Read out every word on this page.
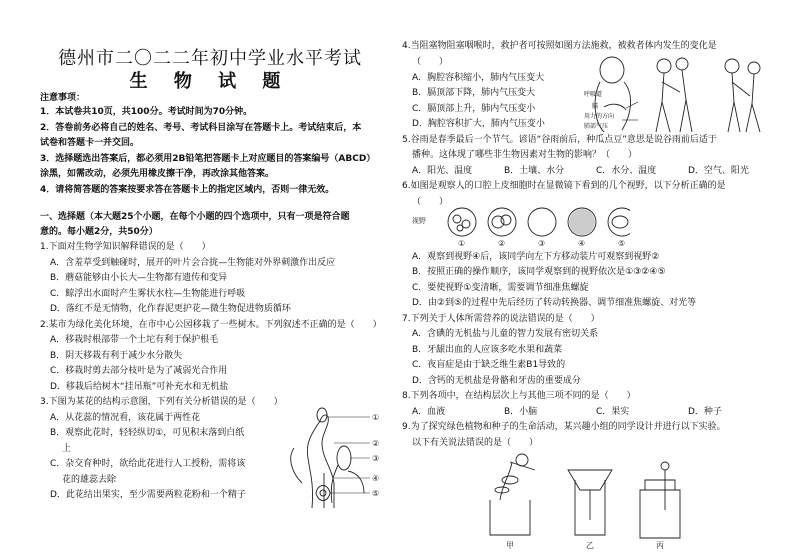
德州市二〇二二年初中学业水平考试
生 物 试 题
注意事项：
1．本试卷共10页，共100分。考试时间为70分钟。
2．答卷前务必将自己的姓名、考号、考试科目涂写在答题卡上。考试结束后，本
试卷和答题卡一并交回。
3．选择题选出答案后，都必须用2B铅笔把答题卡上对应题目的答案编号（ABCD）
涂黑，如需改动，必须先用橡皮擦干净，再改涂其他答案。
4．请将简答题的答案按要求答在答题卡上的指定区域内，否则一律无效。
一、选择题（本大题25个小题，在每个小题的四个选项中，只有一项是符合题
意的。每小题2分，共50分）
1.下面对生物学知识解释错误的是（　　）
A．含羞草受到触碰时，展开的叶片会合拢—生物能对外界刺激作出反应
B．蘑菇能够由小长大—生物都有遗传和变异
C．鲸浮出水面时产生雾状水柱—生物能进行呼吸
D．落红不是无情物，化作春泥更护花—微生物促进物质循环
2.某市为绿化美化环境，在市中心公园移栽了一些树木。下列叙述不正确的是（　　）
A．移栽时根部带一个土坨有利于保护根毛
B．阴天移栽有利于减少水分散失
C．移栽时剪去部分枝叶是为了减弱光合作用
D．移栽后给树木“挂吊瓶”可补充水和无机盐
3.下图为某花的结构示意图，下列有关分析错误的是（　　）
A．从花蕊的情况看，该花属于两性花
B．观察此花时，轻轻纵切①，可见积末落到白纸
上
C．杂交育种时，欲给此花进行人工授粉，需将该
花的雄蕊去除
D．此花结出果实，至少需要两粒花粉和一个精子
①
②
③
④
⑤
4.当阻塞物阻塞咽喉时，救护者可按照如图方法施救，被救者体内发生的变化是
（　　）
A．胸腔容积缩小，肺内气压变大
B．膈顶部下降，肺内气压变大
C．膈顶部上升，肺内气压变小
D．胸腔容积扩大，肺内气压变小
呼吸道
膈
用力的方向
肺部气压
5.谷雨是春季最后一个节气。谚语“谷雨前后，种瓜点豆”意思是说谷雨前后适于
播种。这体现了哪些非生物因素对生物的影响？（　　）
A．阳光、温度	B．土壤、水分	C．水分、温度	D．空气、阳光
6.如图是观察人的口腔上皮细胞时在显微镜下看到的几个视野，以下分析正确的是
（　　）
视野
①	②	③	④	⑤
A．观察到视野④后，该同学向左下方移动装片可观察到视野②
B．按照正确的操作顺序，该同学观察到的视野依次是①③②④⑤
C．要使视野①变清晰，需要调节细准焦螺旋
D．由②到⑤的过程中先后经历了转动转换器、调节细准焦螺旋、对光等
7.下列关于人体所需营养的说法错误的是（　　）
A．含碘的无机盐与儿童的智力发展有密切关系
B．牙龈出血的人应该多吃水果和蔬菜
C．夜盲症是由于缺乏维生素B1导致的
D．含钙的无机盐是骨骼和牙齿的重要成分
8.下列各项中，在结构层次上与其他三项不同的是（　　）
A．血液	B．小脑	C．果实	D．种子
9.为了探究绿色植物和种子的生命活动，某兴趣小组的同学设计并进行以下实验。
以下有关说法错误的是（　　）
甲	乙	丙
